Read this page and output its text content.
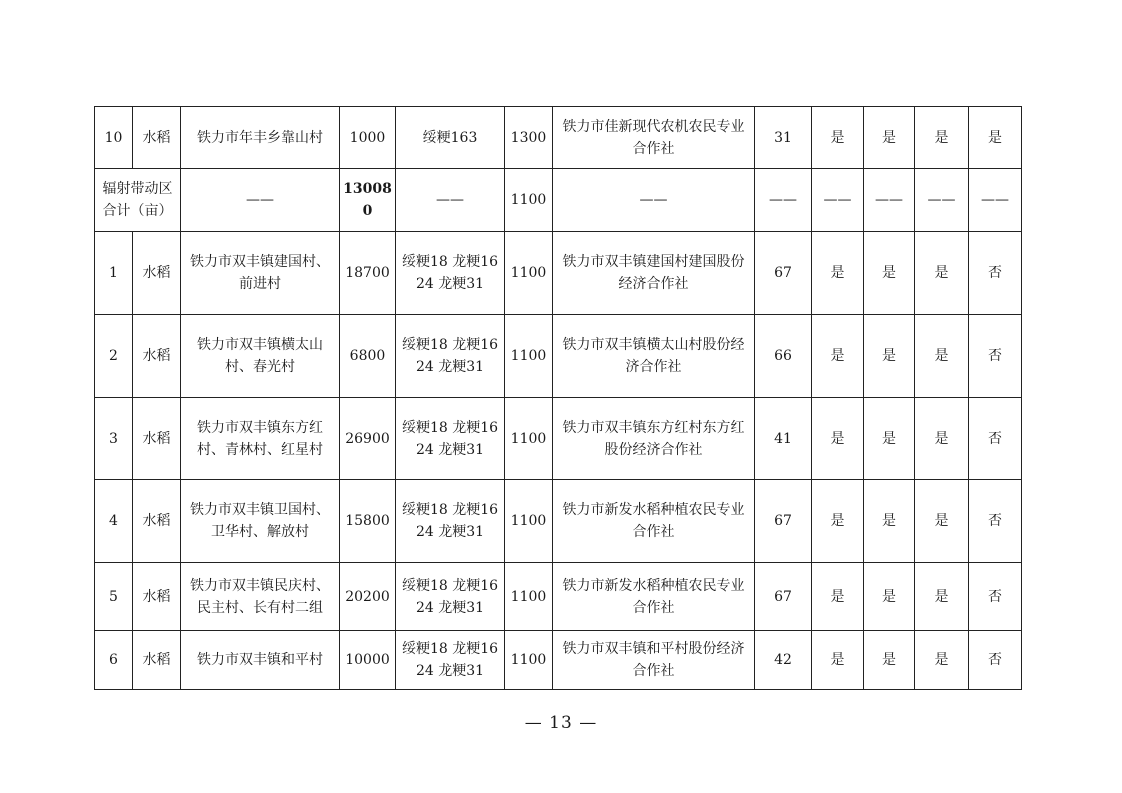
10	水稻	铁力市年丰乡靠山村	1000	绥粳163	1300	铁力市佳新现代农机农民专业合作社	31	是	是	是	是
辐射带动区合计（亩）		——	130080	——	1100	——	——	——	——	——	——
1	水稻	铁力市双丰镇建国村、前进村	18700	绥粳18 龙粳1624 龙粳31	1100	铁力市双丰镇建国村建国股份经济合作社	67	是	是	是	否
2	水稻	铁力市双丰镇横太山村、春光村	6800	绥粳18 龙粳1624 龙粳31	1100	铁力市双丰镇横太山村股份经济合作社	66	是	是	是	否
3	水稻	铁力市双丰镇东方红村、青林村、红星村	26900	绥粳18 龙粳1624 龙粳31	1100	铁力市双丰镇东方红村东方红股份经济合作社	41	是	是	是	否
4	水稻	铁力市双丰镇卫国村、卫华村、解放村	15800	绥粳18 龙粳1624 龙粳31	1100	铁力市新发水稻种植农民专业合作社	67	是	是	是	否
5	水稻	铁力市双丰镇民庆村、民主村、长有村二组	20200	绥粳18 龙粳1624 龙粳31	1100	铁力市新发水稻种植农民专业合作社	67	是	是	是	否
6	水稻	铁力市双丰镇和平村	10000	绥粳18 龙粳1624 龙粳31	1100	铁力市双丰镇和平村股份经济合作社	42	是	是	是	否
— 13 —
